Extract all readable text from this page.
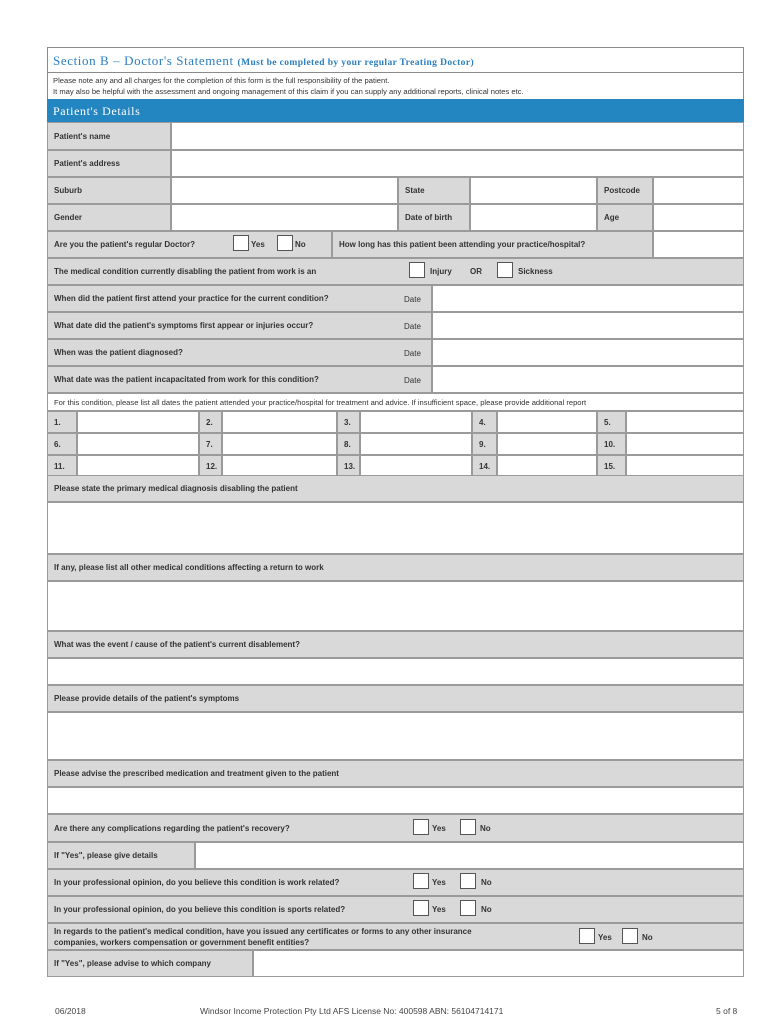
Section B – Doctor's Statement (Must be completed by your regular Treating Doctor)
Please note any and all charges for the completion of this form is the full responsibility of the patient.
It may also be helpful with the assessment and ongoing management of this claim if you can supply any additional reports, clinical notes etc.
Patient's Details
Patient's name
Patient's address
Suburb	State	Postcode
Gender	Date of birth	Age
Are you the patient's regular Doctor?	Yes	No	How long has this patient been attending your practice/hospital?
The medical condition currently disabling the patient from work is an	Injury OR	Sickness
When did the patient first attend your practice for the current condition?	Date
What date did the patient's symptoms first appear or injuries occur?	Date
When was the patient diagnosed?	Date
What date was the patient incapacitated from work for this condition?	Date
For this condition, please list all dates the patient attended your practice/hospital for treatment and advice. If insufficient space, please provide additional report
1.	2.	3.	4.	5.
6.	7.	8.	9.	10.
11.	12.	13.	14.	15.
Please state the primary medical diagnosis disabling the patient
If any, please list all other medical conditions affecting a return to work
What was the event / cause of the patient's current disablement?
Please provide details of the patient's symptoms
Please advise the prescribed medication and treatment given to the patient
Are there any complications regarding the patient's recovery?	Yes	No
If "Yes", please give details
In your professional opinion, do you believe this condition is work related?	Yes	No
In your professional opinion, do you believe this condition is sports related?	Yes	No
In regards to the patient's medical condition, have you issued any certificates or forms to any other insurance
companies, workers compensation or government benefit entities?	Yes	No
If "Yes", please advise to which company
06/2018	Windsor Income Protection Pty Ltd AFS License No: 400598 ABN: 56104714171	5 of 8
